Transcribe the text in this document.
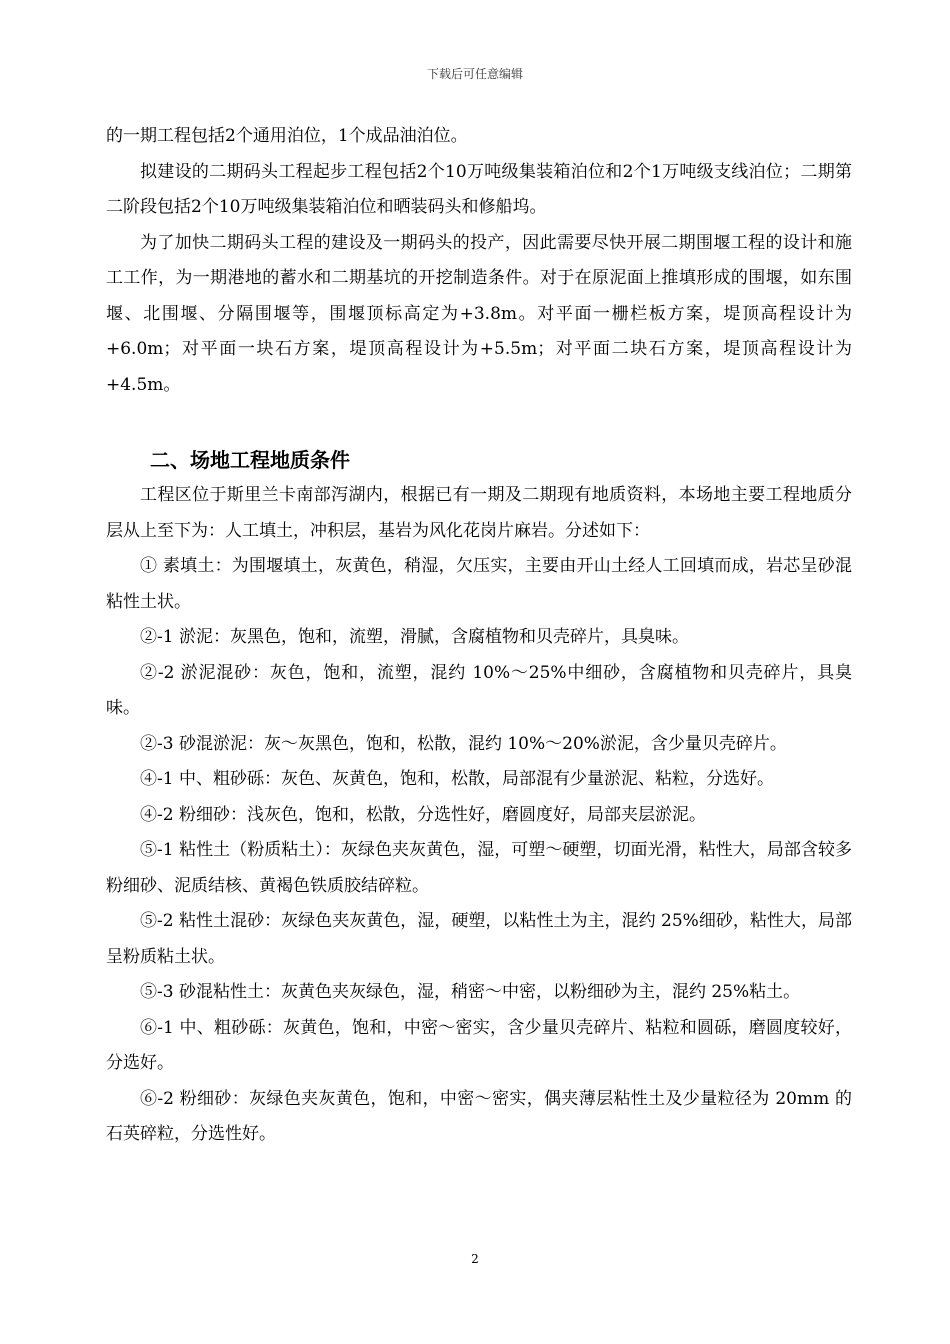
下载后可任意编辑

的一期工程包括2个通用泊位，1个成品油泊位。

拟建设的二期码头工程起步工程包括2个10万吨级集装箱泊位和2个1万吨级支线泊位；二期第二阶段包括2个10万吨级集装箱泊位和晒装码头和修船坞。

为了加快二期码头工程的建设及一期码头的投产，因此需要尽快开展二期围堰工程的设计和施工工作，为一期港地的蓄水和二期基坑的开挖制造条件。对于在原泥面上推填形成的围堰，如东围堰、北围堰、分隔围堰等，围堰顶标高定为+3.8m。对平面一栅栏板方案，堤顶高程设计为+6.0m；对平面一块石方案，堤顶高程设计为+5.5m；对平面二块石方案，堤顶高程设计为+4.5m。

二、场地工程地质条件

工程区位于斯里兰卡南部泻湖内，根据已有一期及二期现有地质资料，本场地主要工程地质分层从上至下为：人工填土，冲积层，基岩为风化花岗片麻岩。分述如下：

① 素填土：为围堰填土，灰黄色，稍湿，欠压实，主要由开山土经人工回填而成，岩芯呈砂混粘性土状。

②-1 淤泥：灰黑色，饱和，流塑，滑腻，含腐植物和贝壳碎片，具臭味。

②-2 淤泥混砂：灰色，饱和，流塑，混约 10%～25%中细砂，含腐植物和贝壳碎片，具臭味。

②-3 砂混淤泥：灰～灰黑色，饱和，松散，混约 10%～20%淤泥，含少量贝壳碎片。

④-1 中、粗砂砾：灰色、灰黄色，饱和，松散，局部混有少量淤泥、粘粒，分选好。

④-2 粉细砂：浅灰色，饱和，松散，分选性好，磨圆度好，局部夹层淤泥。

⑤-1 粘性土（粉质粘土）：灰绿色夹灰黄色，湿，可塑～硬塑，切面光滑，粘性大，局部含较多粉细砂、泥质结核、黄褐色铁质胶结碎粒。

⑤-2 粘性土混砂：灰绿色夹灰黄色，湿，硬塑，以粘性土为主，混约 25%细砂，粘性大，局部呈粉质粘土状。

⑤-3 砂混粘性土：灰黄色夹灰绿色，湿，稍密～中密，以粉细砂为主，混约 25%粘土。

⑥-1 中、粗砂砾：灰黄色，饱和，中密～密实，含少量贝壳碎片、粘粒和圆砾，磨圆度较好，分选好。

⑥-2 粉细砂：灰绿色夹灰黄色，饱和，中密～密实，偶夹薄层粘性土及少量粒径为 20mm 的石英碎粒，分选性好。

2
